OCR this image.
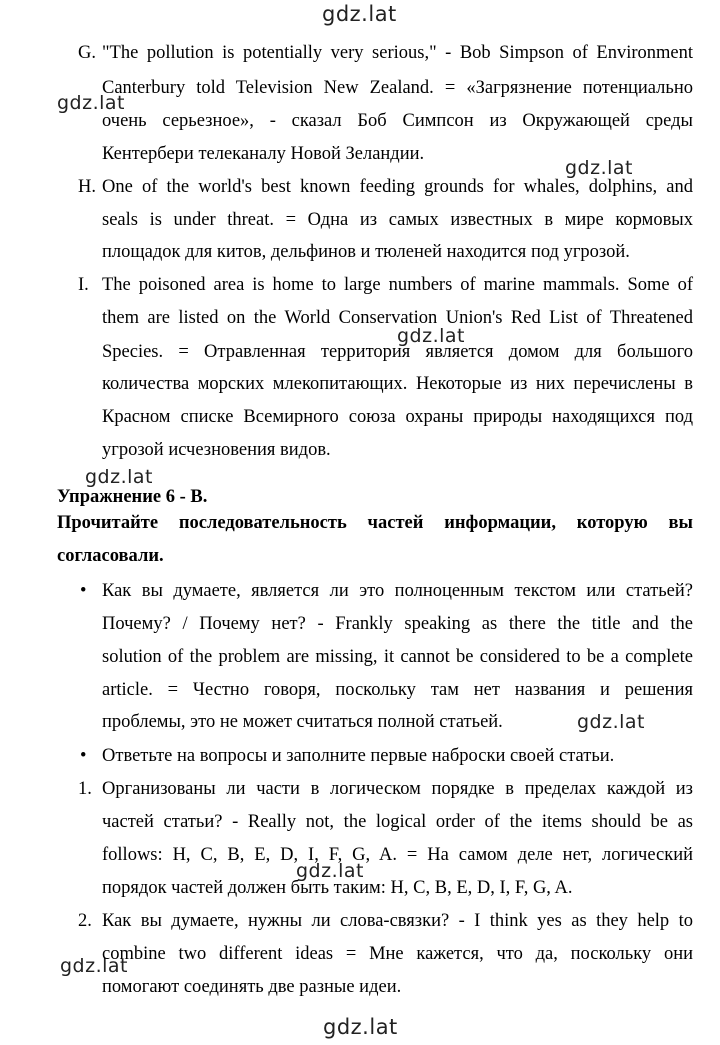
gdz.lat
gdz.lat
gdz.lat
gdz.lat
gdz.lat
gdz.lat
gdz.lat
gdz.lat
gdz.lat
G. "The pollution is potentially very serious," - Bob Simpson of Environment
Canterbury told Television New Zealand. = «Загрязнение потенциально
очень серьезное», - сказал Боб Симпсон из Окружающей среды
Кентербери телеканалу Новой Зеландии.
H. One of the world's best known feeding grounds for whales, dolphins, and
seals is under threat. = Одна из самых известных в мире кормовых
площадок для китов, дельфинов и тюленей находится под угрозой.
I. The poisoned area is home to large numbers of marine mammals. Some of
them are listed on the World Conservation Union's Red List of Threatened
Species. = Отравленная территория является домом для большого
количества морских млекопитающих. Некоторые из них перечислены в
Красном списке Всемирного союза охраны природы находящихся под
угрозой исчезновения видов.
Упражнение 6 - B.
Прочитайте последовательность частей информации, которую вы
согласовали.
• Как вы думаете, является ли это полноценным текстом или статьей?
Почему? / Почему нет? - Frankly speaking as there the title and the
solution of the problem are missing, it cannot be considered to be a complete
article. = Честно говоря, поскольку там нет названия и решения
проблемы, это не может считаться полной статьей.
• Ответьте на вопросы и заполните первые наброски своей статьи.
1. Организованы ли части в логическом порядке в пределах каждой из
частей статьи? - Really not, the logical order of the items should be as
follows: H, C, B, E, D, I, F, G, A. = На самом деле нет, логический
порядок частей должен быть таким: H, C, B, E, D, I, F, G, A.
2. Как вы думаете, нужны ли слова-связки? - I think yes as they help to
combine two different ideas = Мне кажется, что да, поскольку они
помогают соединять две разные идеи.
